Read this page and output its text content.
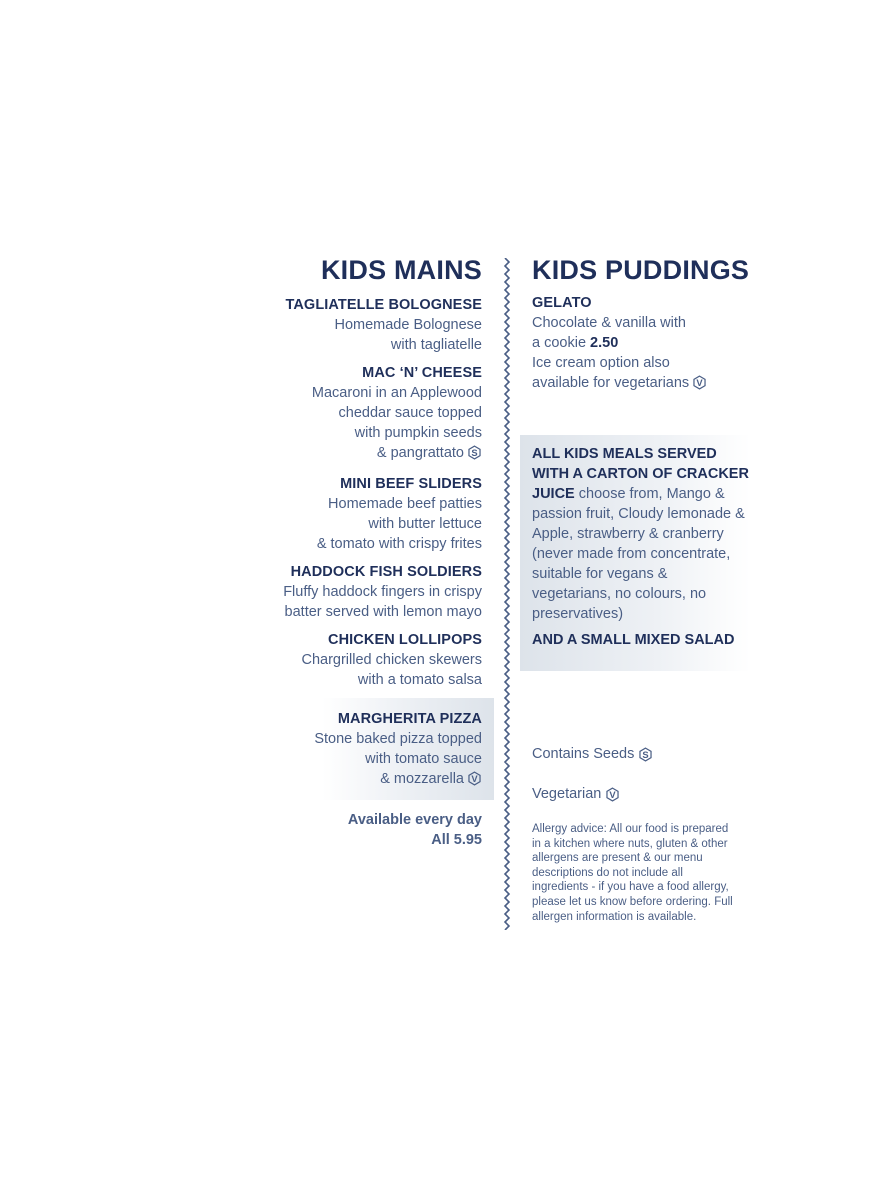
KIDS MAINS
TAGLIATELLE BOLOGNESE
Homemade Bolognese
with tagliatelle
MAC ‘N’ CHEESE
Macaroni in an Applewood
cheddar sauce topped
with pumpkin seeds
& pangrattato S
MINI BEEF SLIDERS
Homemade beef patties
with butter lettuce
& tomato with crispy frites
HADDOCK FISH SOLDIERS
Fluffy haddock fingers in crispy
batter served with lemon mayo
CHICKEN LOLLIPOPS
Chargrilled chicken skewers
with a tomato salsa
MARGHERITA PIZZA
Stone baked pizza topped
with tomato sauce
& mozzarella V
Available every day
All 5.95
KIDS PUDDINGS
GELATO
Chocolate & vanilla with
a cookie 2.50
Ice cream option also
available for vegetarians V
ALL KIDS MEALS SERVED WITH A CARTON OF CRACKER JUICE choose from, Mango & passion fruit, Cloudy lemonade & Apple, strawberry & cranberry (never made from concentrate, suitable for vegans & vegetarians, no colours, no preservatives)
AND A SMALL MIXED SALAD
Contains Seeds S
Vegetarian V

Allergy advice: All our food is prepared in a kitchen where nuts, gluten & other allergens are present & our menu descriptions do not include all ingredients - if you have a food allergy, please let us know before ordering. Full allergen information is available.
